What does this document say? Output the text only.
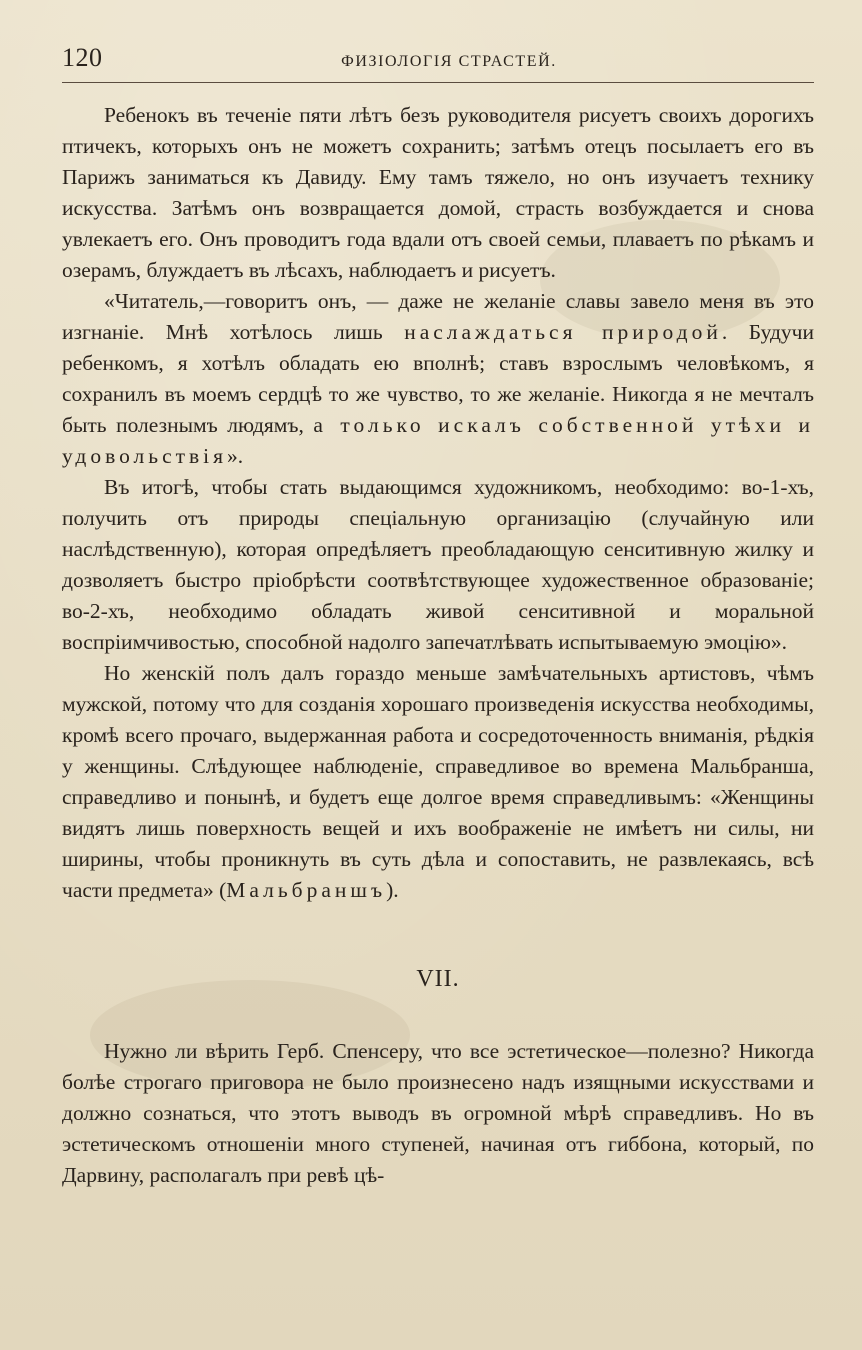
120	ФИЗІОЛОГІЯ СТРАСТЕЙ.

Ребенокъ въ теченіе пяти лѣтъ безъ руководителя рисуетъ своихъ дорогихъ птичекъ, которыхъ онъ не можетъ сохранить; затѣмъ отецъ посылаетъ его въ Парижъ заниматься къ Давиду. Ему тамъ тяжело, но онъ изучаетъ технику искусства. Затѣмъ онъ возвращается домой, страсть возбуждается и снова увлекаетъ его. Онъ проводитъ года вдали отъ своей семьи, плаваетъ по рѣкамъ и озерамъ, блуждаетъ въ лѣсахъ, наблюдаетъ и рисуетъ.

«Читатель,—говоритъ онъ, — даже не желаніе славы завело меня въ это изгнаніе. Мнѣ хотѣлось лишь наслаждаться природой. Будучи ребенкомъ, я хотѣлъ обладать ею вполнѣ; ставъ взрослымъ человѣкомъ, я сохранилъ въ моемъ сердцѣ то же чувство, то же желаніе. Никогда я не мечталъ быть полезнымъ людямъ, а только искалъ собственной утѣхи и удовольствія».

Въ итогѣ, чтобы стать выдающимся художникомъ, необходимо: во-1-хъ, получить отъ природы спеціальную организацію (случайную или наслѣдственную), которая опредѣляетъ преобладающую сенситивную жилку и дозволяетъ быстро пріобрѣсти соотвѣтствующее художественное образованіе; во-2-хъ, необходимо обладать живой сенситивной и моральной воспріимчивостью, способной надолго запечатлѣвать испытываемую эмоцію».

Но женскій полъ далъ гораздо меньше замѣчательныхъ артистовъ, чѣмъ мужской, потому что для созданія хорошаго произведенія искусства необходимы, кромѣ всего прочаго, выдержанная работа и сосредоточенность вниманія, рѣдкія у женщины. Слѣдующее наблюденіе, справедливое во времена Мальбранша, справедливо и понынѣ, и будетъ еще долгое время справедливымъ: «Женщины видятъ лишь поверхность вещей и ихъ воображеніе не имѣетъ ни силы, ни ширины, чтобы проникнуть въ суть дѣла и сопоставить, не развлекаясь, всѣ части предмета» (Мальбраншъ).

VII.

Нужно ли вѣрить Герб. Спенсеру, что все эстетическое—полезно? Никогда болѣе строгаго приговора не было произнесено надъ изящными искусствами и должно сознаться, что этотъ выводъ въ огромной мѣрѣ справедливъ. Но въ эстетическомъ отношеніи много ступеней, начиная отъ гиббона, который, по Дарвину, располагалъ при ревѣ цѣ-
